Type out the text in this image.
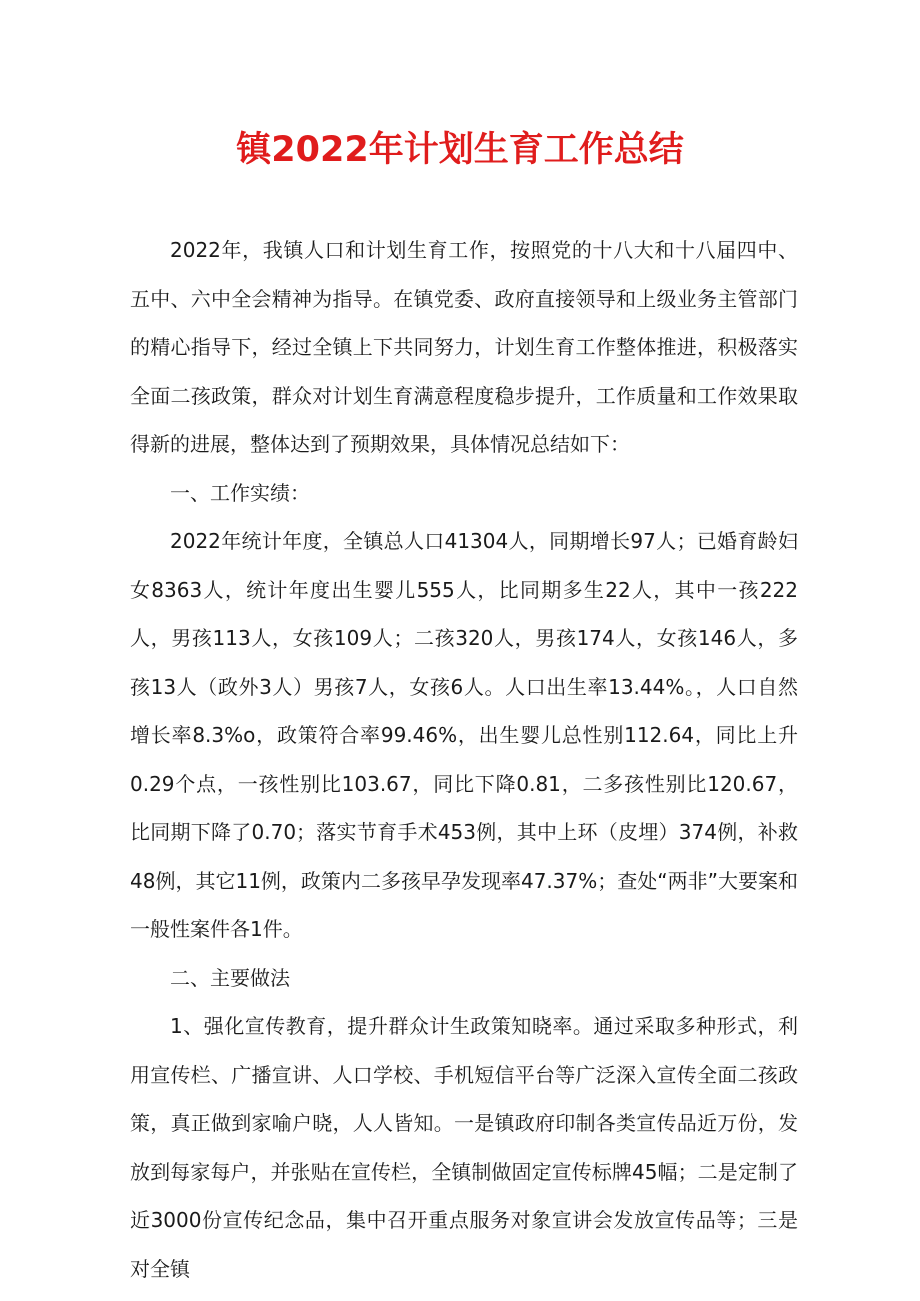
镇2022年计划生育工作总结

2022年，我镇人口和计划生育工作，按照党的十八大和十八届四中、五中、六中全会精神为指导。在镇党委、政府直接领导和上级业务主管部门的精心指导下，经过全镇上下共同努力，计划生育工作整体推进，积极落实全面二孩政策，群众对计划生育满意程度稳步提升，工作质量和工作效果取得新的进展，整体达到了预期效果，具体情况总结如下：

一、工作实绩：

2022年统计年度，全镇总人口41304人，同期增长97人；已婚育龄妇女8363人，统计年度出生婴儿555人，比同期多生22人，其中一孩222人，男孩113人，女孩109人；二孩320人，男孩174人，女孩146人，多孩13人（政外3人）男孩7人，女孩6人。人口出生率13.44%。，人口自然增长率8.3%o，政策符合率99.46%，出生婴儿总性别112.64，同比上升0.29个点，一孩性别比103.67，同比下降0.81，二多孩性别比120.67，比同期下降了0.70；落实节育手术453例，其中上环（皮埋）374例，补救48例，其它11例，政策内二多孩早孕发现率47.37%；查处“两非”大要案和一般性案件各1件。

二、主要做法

1、强化宣传教育，提升群众计生政策知晓率。通过采取多种形式，利用宣传栏、广播宣讲、人口学校、手机短信平台等广泛深入宣传全面二孩政策，真正做到家喻户晓，人人皆知。一是镇政府印制各类宣传品近万份，发放到每家每户，并张贴在宣传栏，全镇制做固定宣传标牌45幅；二是定制了近3000份宣传纪念品，集中召开重点服务对象宣讲会发放宣传品等；三是对全镇
